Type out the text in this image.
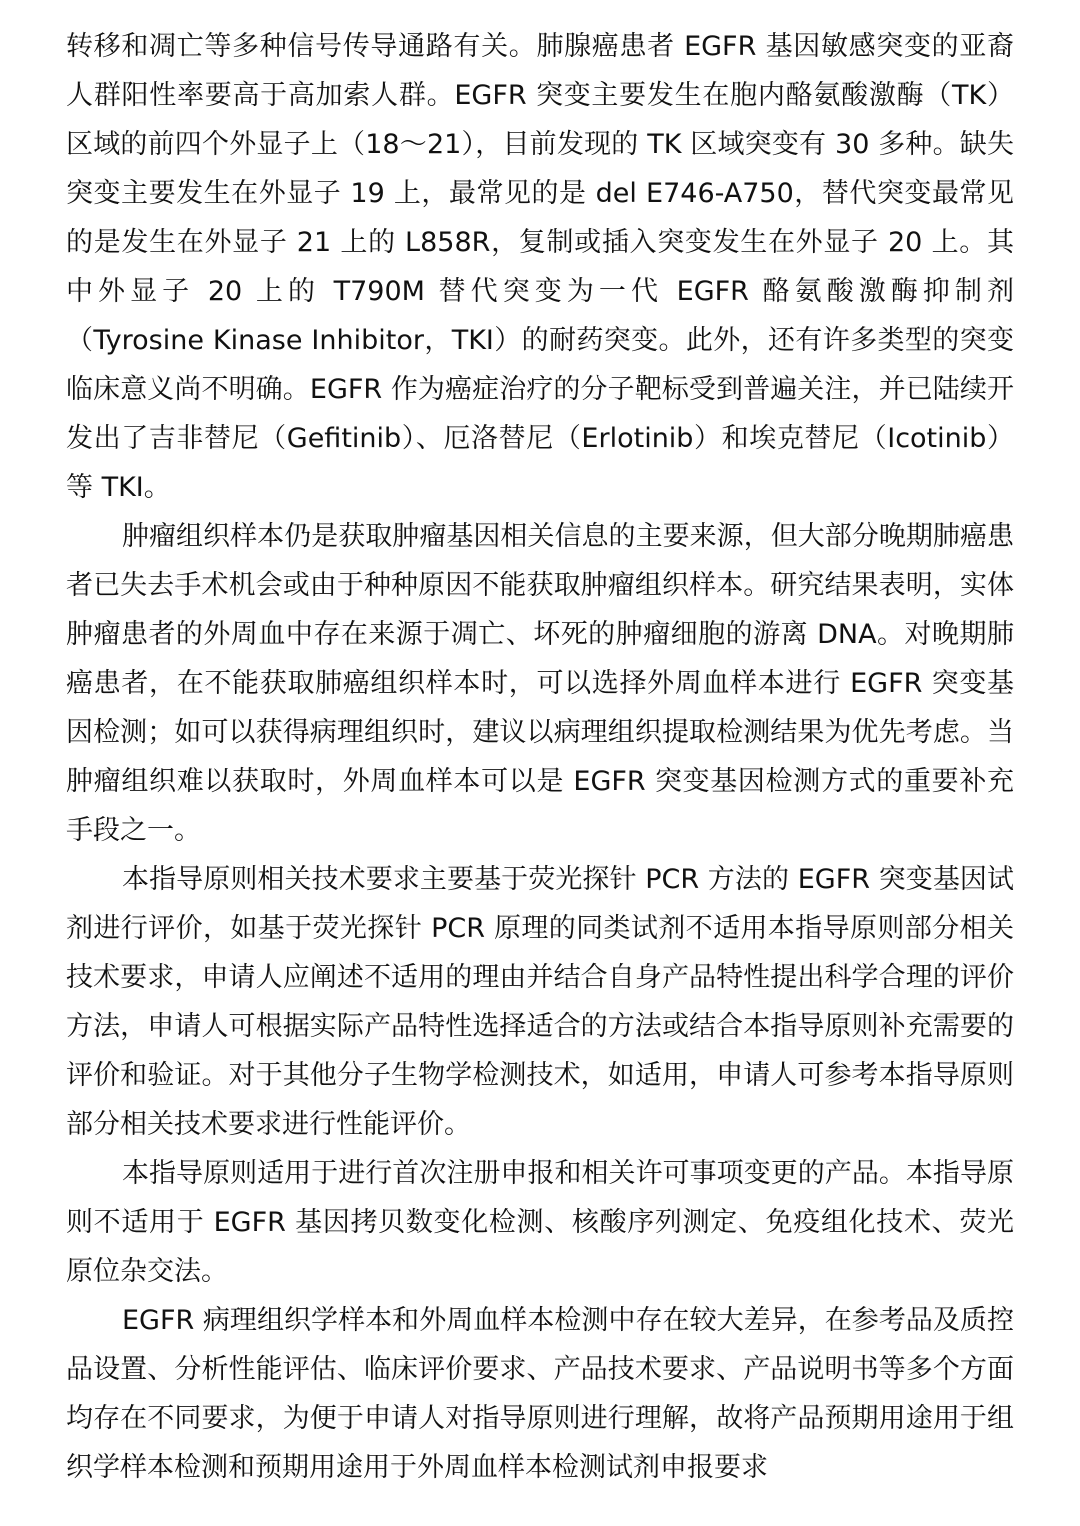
转移和凋亡等多种信号传导通路有关。肺腺癌患者 EGFR 基因敏感突变的亚裔人群阳性率要高于高加索人群。EGFR 突变主要发生在胞内酪氨酸激酶（TK）区域的前四个外显子上（18～21），目前发现的 TK 区域突变有 30 多种。缺失突变主要发生在外显子 19 上，最常见的是 del E746-A750，替代突变最常见的是发生在外显子 21 上的 L858R，复制或插入突变发生在外显子 20 上。其中外显子 20 上的 T790M 替代突变为一代 EGFR 酪氨酸激酶抑制剂（Tyrosine Kinase Inhibitor，TKI）的耐药突变。此外，还有许多类型的突变临床意义尚不明确。EGFR 作为癌症治疗的分子靶标受到普遍关注，并已陆续开发出了吉非替尼（Gefitinib）、厄洛替尼（Erlotinib）和埃克替尼（Icotinib）等 TKI。

肿瘤组织样本仍是获取肿瘤基因相关信息的主要来源，但大部分晚期肺癌患者已失去手术机会或由于种种原因不能获取肿瘤组织样本。研究结果表明，实体肿瘤患者的外周血中存在来源于凋亡、坏死的肿瘤细胞的游离 DNA。对晚期肺癌患者，在不能获取肺癌组织样本时，可以选择外周血样本进行 EGFR 突变基因检测；如可以获得病理组织时，建议以病理组织提取检测结果为优先考虑。当肿瘤组织难以获取时，外周血样本可以是 EGFR 突变基因检测方式的重要补充手段之一。

本指导原则相关技术要求主要基于荧光探针 PCR 方法的 EGFR 突变基因试剂进行评价，如基于荧光探针 PCR 原理的同类试剂不适用本指导原则部分相关技术要求，申请人应阐述不适用的理由并结合自身产品特性提出科学合理的评价方法，申请人可根据实际产品特性选择适合的方法或结合本指导原则补充需要的评价和验证。对于其他分子生物学检测技术，如适用，申请人可参考本指导原则部分相关技术要求进行性能评价。

本指导原则适用于进行首次注册申报和相关许可事项变更的产品。本指导原则不适用于 EGFR 基因拷贝数变化检测、核酸序列测定、免疫组化技术、荧光原位杂交法。

EGFR 病理组织学样本和外周血样本检测中存在较大差异，在参考品及质控品设置、分析性能评估、临床评价要求、产品技术要求、产品说明书等多个方面均存在不同要求，为便于申请人对指导原则进行理解，故将产品预期用途用于组织学样本检测和预期用途用于外周血样本检测试剂申报要求
